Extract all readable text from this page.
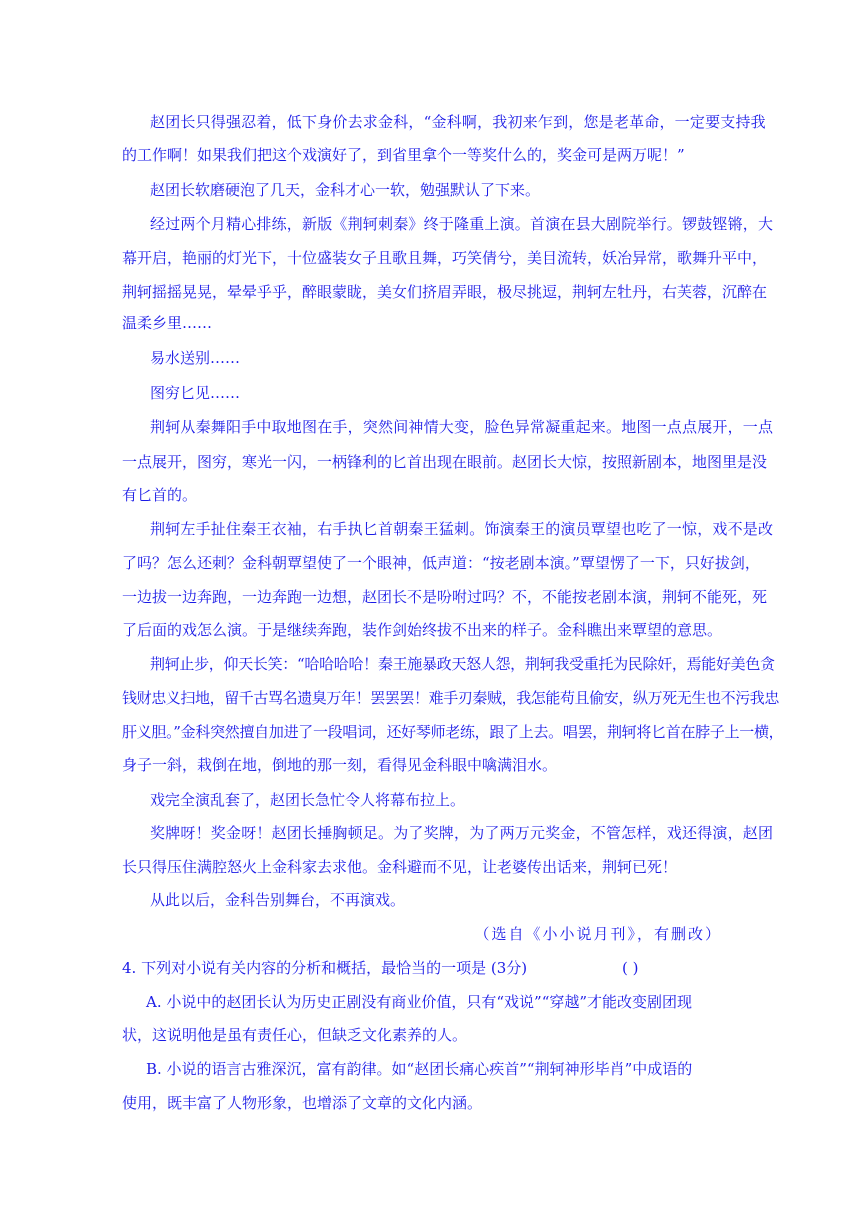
赵团长只得强忍着，低下身价去求金科，“金科啊，我初来乍到，您是老革命，一定要支持我
的工作啊！如果我们把这个戏演好了，到省里拿个一等奖什么的，奖金可是两万呢！”
赵团长软磨硬泡了几天，金科才心一软，勉强默认了下来。
经过两个月精心排练，新版《荆轲刺秦》终于隆重上演。首演在县大剧院举行。锣鼓铿锵，大
幕开启，艳丽的灯光下，十位盛装女子且歌且舞，巧笑倩兮，美目流转，妖冶异常，歌舞升平中，
荆轲摇摇晃晃，晕晕乎乎，醉眼蒙眬，美女们挤眉弄眼，极尽挑逗，荆轲左牡丹，右芙蓉，沉醉在
温柔乡里……
易水送别……
图穷匕见……
荆轲从秦舞阳手中取地图在手，突然间神情大变，脸色异常凝重起来。地图一点点展开，一点
一点展开，图穷，寒光一闪，一柄锋利的匕首出现在眼前。赵团长大惊，按照新剧本，地图里是没
有匕首的。
荆轲左手扯住秦王衣袖，右手执匕首朝秦王猛刺。饰演秦王的演员覃望也吃了一惊，戏不是改
了吗？怎么还刺？金科朝覃望使了一个眼神，低声道：“按老剧本演。”覃望愣了一下，只好拔剑，
一边拔一边奔跑，一边奔跑一边想，赵团长不是吩咐过吗？不，不能按老剧本演，荆轲不能死，死
了后面的戏怎么演。于是继续奔跑，装作剑始终拔不出来的样子。金科瞧出来覃望的意思。
荆轲止步，仰天长笑：“哈哈哈哈！秦王施暴政天怒人怨，荆轲我受重托为民除奸，焉能好美色贪
钱财忠义扫地，留千古骂名遗臭万年！罢罢罢！难手刃秦贼，我怎能苟且偷安，纵万死无生也不污我忠
肝义胆。”金科突然擅自加进了一段唱词，还好琴师老练，跟了上去。唱罢，荆轲将匕首在脖子上一横，
身子一斜，栽倒在地，倒地的那一刻，看得见金科眼中噙满泪水。
戏完全演乱套了，赵团长急忙令人将幕布拉上。
奖牌呀！奖金呀！赵团长捶胸顿足。为了奖牌，为了两万元奖金，不管怎样，戏还得演，赵团
长只得压住满腔怒火上金科家去求他。金科避而不见，让老婆传出话来，荆轲已死！
从此以后，金科告别舞台，不再演戏。
（选自《小小说月刊》，有删改）
4. 下列对小说有关内容的分析和概括，最恰当的一项是 (3分)	( )
A. 小说中的赵团长认为历史正剧没有商业价值，只有“戏说”“穿越”才能改变剧团现
状，这说明他是虽有责任心，但缺乏文化素养的人。
B. 小说的语言古雅深沉，富有韵律。如“赵团长痛心疾首”“荆轲神形毕肖”中成语的
使用，既丰富了人物形象，也增添了文章的文化内涵。
